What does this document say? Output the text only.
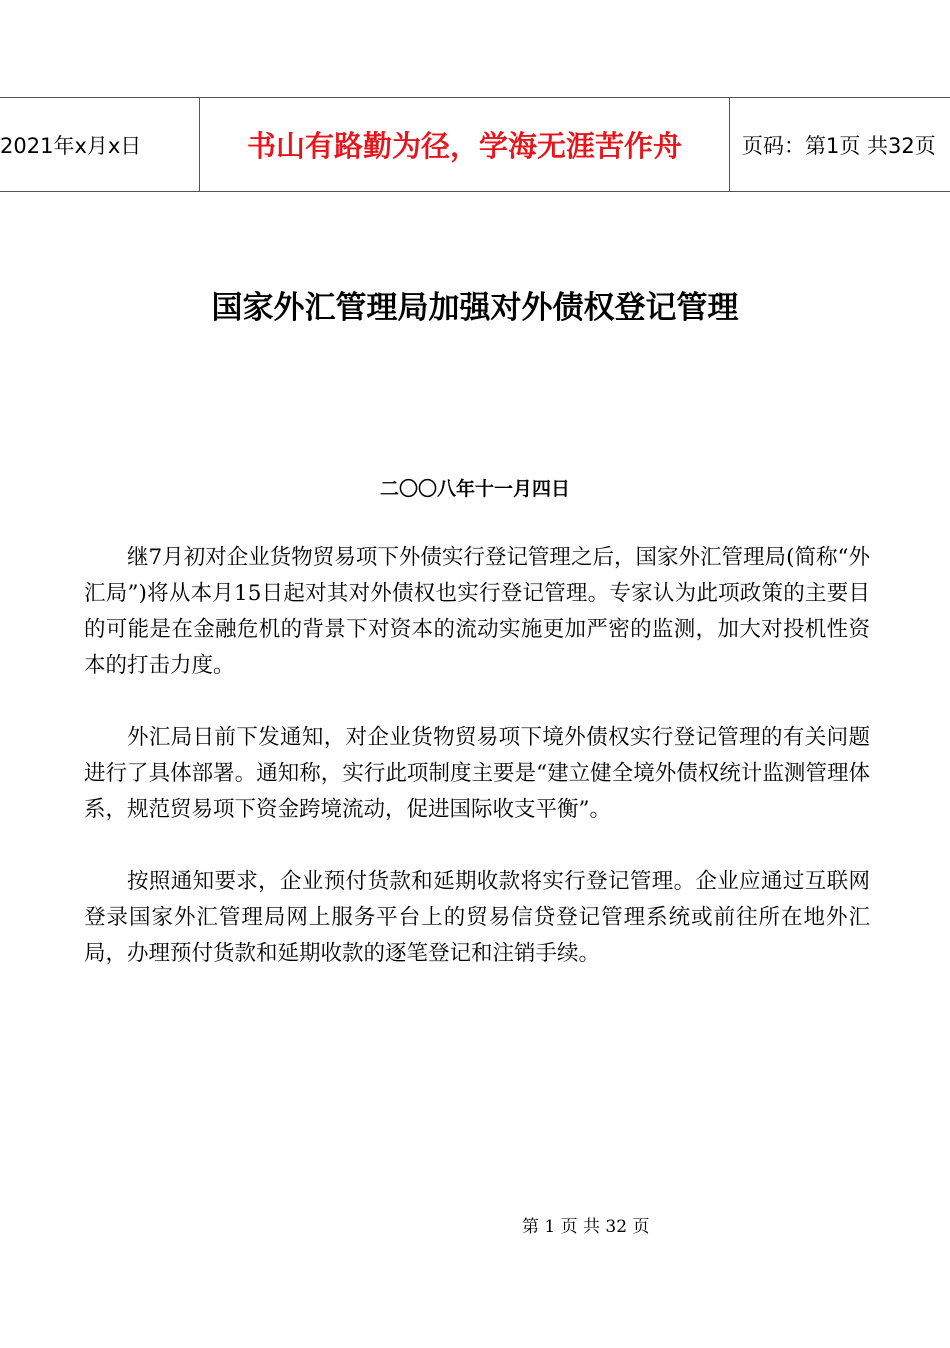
2021年x月x日	书山有路勤为径，学海无涯苦作舟	页码：第1页 共32页
国家外汇管理局加强对外债权登记管理
二〇〇八年十一月四日

继7月初对企业货物贸易项下外债实行登记管理之后，国家外汇管理局(简称“外汇局”)将从本月15日起对其对外债权也实行登记管理。专家认为此项政策的主要目的可能是在金融危机的背景下对资本的流动实施更加严密的监测，加大对投机性资本的打击力度。

外汇局日前下发通知，对企业货物贸易项下境外债权实行登记管理的有关问题进行了具体部署。通知称，实行此项制度主要是“建立健全境外债权统计监测管理体系，规范贸易项下资金跨境流动，促进国际收支平衡”。

按照通知要求，企业预付货款和延期收款将实行登记管理。企业应通过互联网登录国家外汇管理局网上服务平台上的贸易信贷登记管理系统或前往所在地外汇局，办理预付货款和延期收款的逐笔登记和注销手续。

第 1 页 共 32 页
